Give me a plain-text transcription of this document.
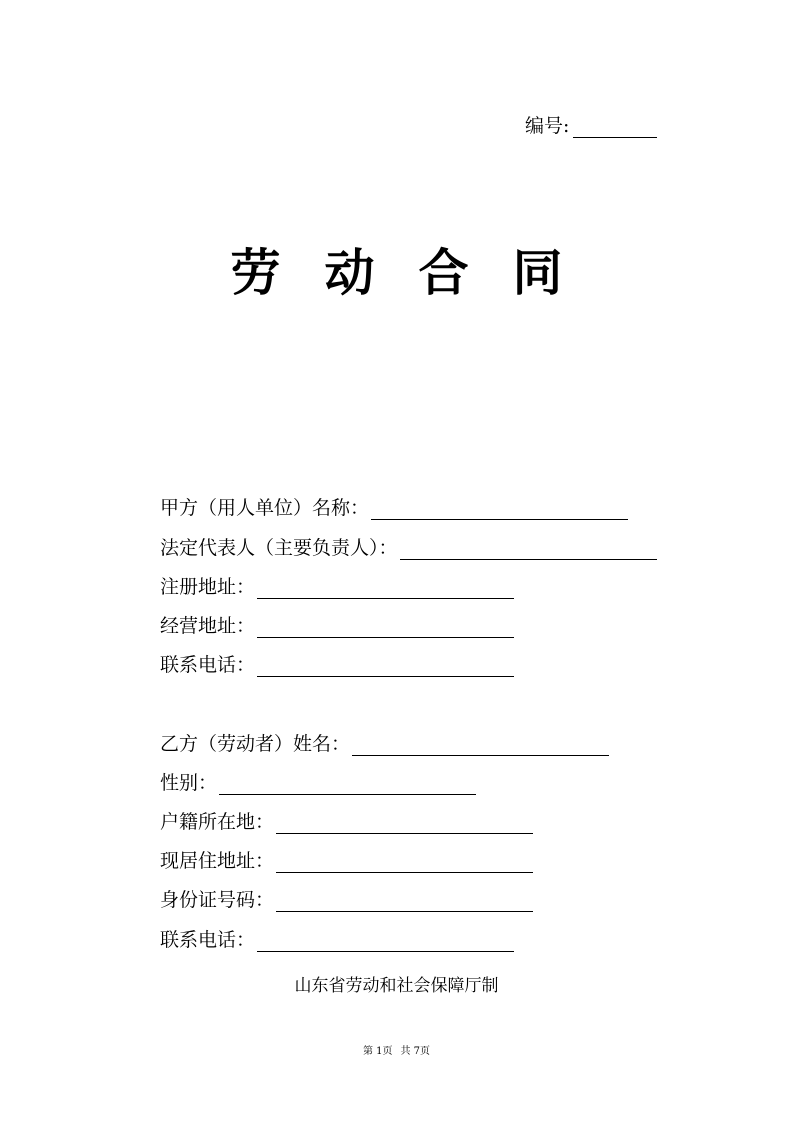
编号:
劳动合同
甲方（用人单位）名称：
法定代表人（主要负责人）：
注册地址：
经营地址：
联系电话：
乙方（劳动者）姓名：
性别：
户籍所在地：
现居住地址：
身份证号码：
联系电话：
山东省劳动和社会保障厅制
第 1页 共 7页
